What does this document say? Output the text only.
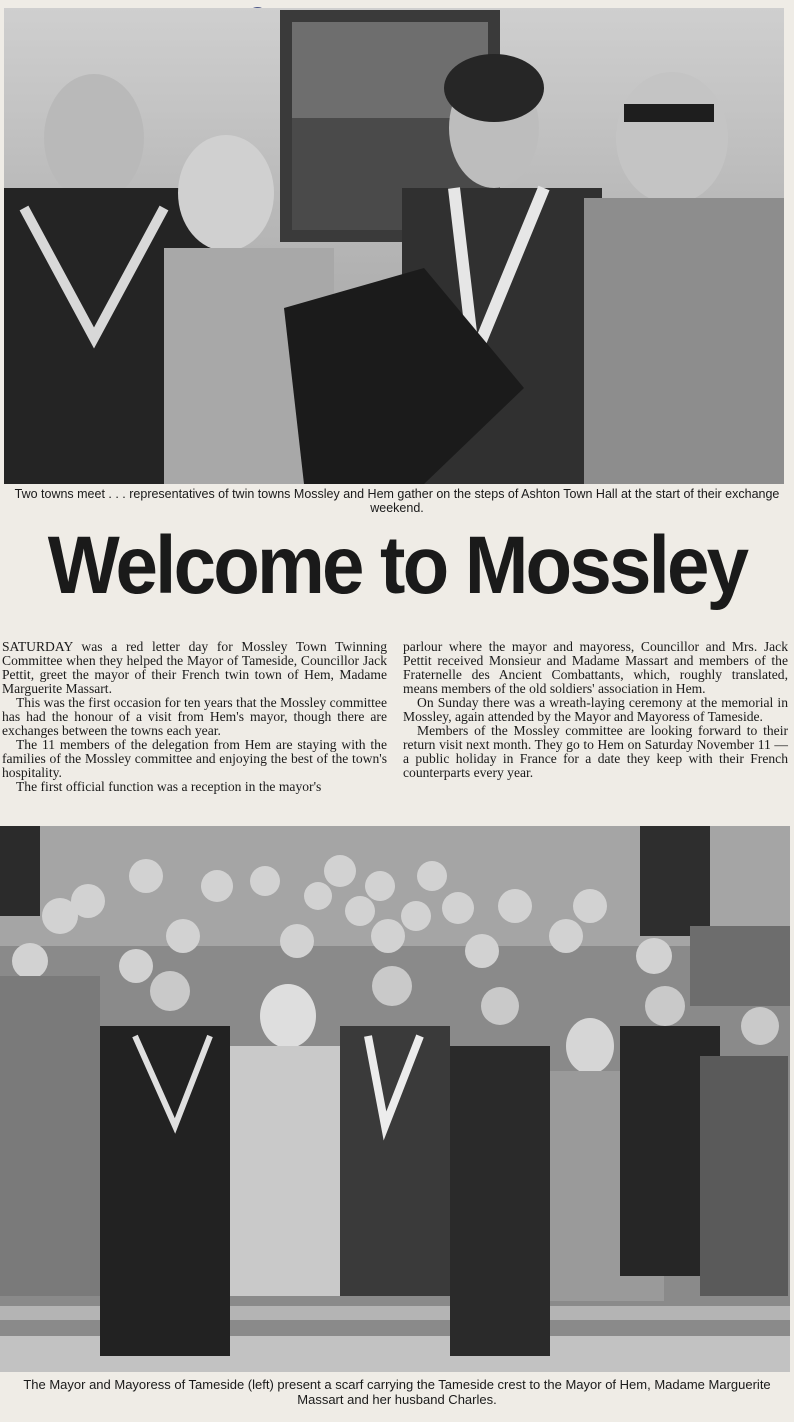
Two towns meet . . . representatives of twin towns Mossley and Hem gather on the steps of Ashton Town Hall at the start of their exchange weekend.
Welcome to Mossley

SATURDAY was a red letter day for Mossley Town Twinning Committee when they helped the Mayor of Tameside, Councillor Jack Pettit, greet the mayor of their French twin town of Hem, Madame Marguerite Massart.

This was the first occasion for ten years that the Mossley committee has had the honour of a visit from Hem's mayor, though there are exchanges between the towns each year.

The 11 members of the delegation from Hem are staying with the families of the Mossley committee and enjoying the best of the town's hospitality.

The first official function was a reception in the mayor's

parlour where the mayor and mayoress, Councillor and Mrs. Jack Pettit received Monsieur and Madame Massart and members of the Fraternelle des Ancient Combattants, which, roughly translated, means members of the old soldiers' association in Hem.

On Sunday there was a wreath-laying ceremony at the memorial in Mossley, again attended by the Mayor and Mayoress of Tameside.

Members of the Mossley committee are looking forward to their return visit next month. They go to Hem on Saturday November 11 — a public holiday in France for a date they keep with their French counterparts every year.

The Mayor and Mayoress of Tameside (left) present a scarf carrying the Tameside crest to the Mayor of Hem, Madame Marguerite Massart and her husband Charles.
